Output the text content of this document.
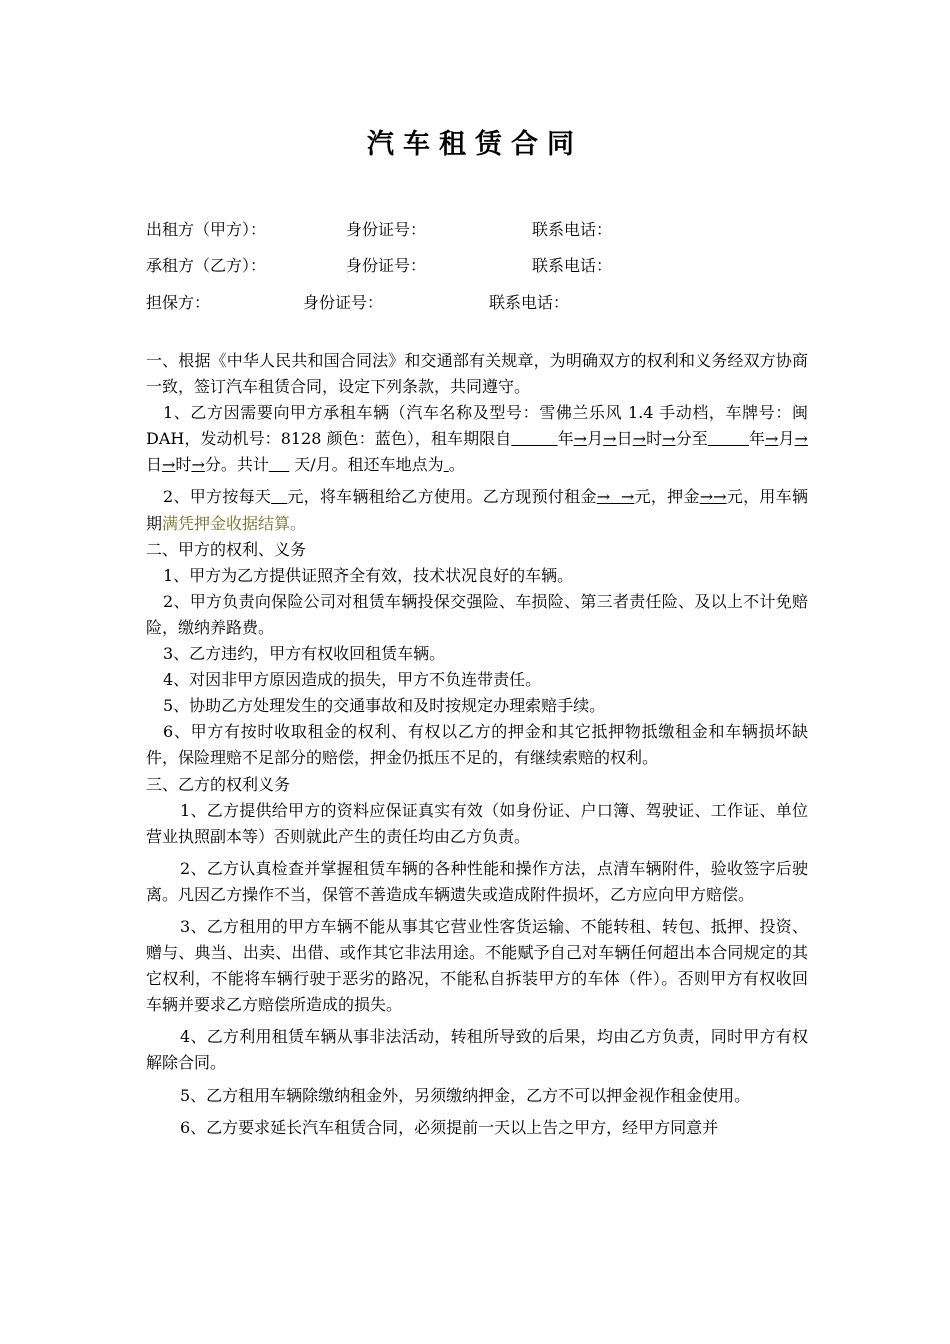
汽车租赁合同
出租方（甲方）：	身份证号：	联系电话：
承租方（乙方）：	身份证号：	联系电话：
担保方：	身份证号：	联系电话：

一、根据《中华人民共和国合同法》和交通部有关规章，为明确双方的权利和义务经双方协商一致，签订汽车租赁合同，设定下列条款，共同遵守。

1、乙方因需要向甲方承租车辆（汽车名称及型号：雪佛兰乐风 1.4 手动档，车牌号：闽 DAH，发动机号：8128 颜色：蓝色），租车期限自	年→月→日→时→分至	年→月→日→时→分。共计     天/月。租还车地点为 。

2、甲方按每天 元，将车辆租给乙方使用。乙方现预付租金→  →元，押金→→元，用车辆期满凭押金收据结算。

二、甲方的权利、义务

1、甲方为乙方提供证照齐全有效，技术状况良好的车辆。

2、甲方负责向保险公司对租赁车辆投保交强险、车损险、第三者责任险、及以上不计免赔险，缴纳养路费。

3、乙方违约，甲方有权收回租赁车辆。

4、对因非甲方原因造成的损失，甲方不负连带责任。

5、协助乙方处理发生的交通事故和及时按规定办理索赔手续。

6、甲方有按时收取租金的权利、有权以乙方的押金和其它抵押物抵缴租金和车辆损坏缺件，保险理赔不足部分的赔偿，押金仍抵压不足的，有继续索赔的权利。

三、乙方的权利义务

1、乙方提供给甲方的资料应保证真实有效（如身份证、户口簿、驾驶证、工作证、单位营业执照副本等）否则就此产生的责任均由乙方负责。

2、乙方认真检查并掌握租赁车辆的各种性能和操作方法，点清车辆附件，验收签字后驶离。凡因乙方操作不当，保管不善造成车辆遗失或造成附件损坏，乙方应向甲方赔偿。

3、乙方租用的甲方车辆不能从事其它营业性客货运输、不能转租、转包、抵押、投资、赠与、典当、出卖、出借、或作其它非法用途。不能赋予自己对车辆任何超出本合同规定的其它权利，不能将车辆行驶于恶劣的路况，不能私自拆装甲方的车体（件）。否则甲方有权收回车辆并要求乙方赔偿所造成的损失。

4、乙方利用租赁车辆从事非法活动，转租所导致的后果，均由乙方负责，同时甲方有权解除合同。

5、乙方租用车辆除缴纳租金外，另须缴纳押金，乙方不可以押金视作租金使用。

6、乙方要求延长汽车租赁合同，必须提前一天以上告之甲方，经甲方同意并
